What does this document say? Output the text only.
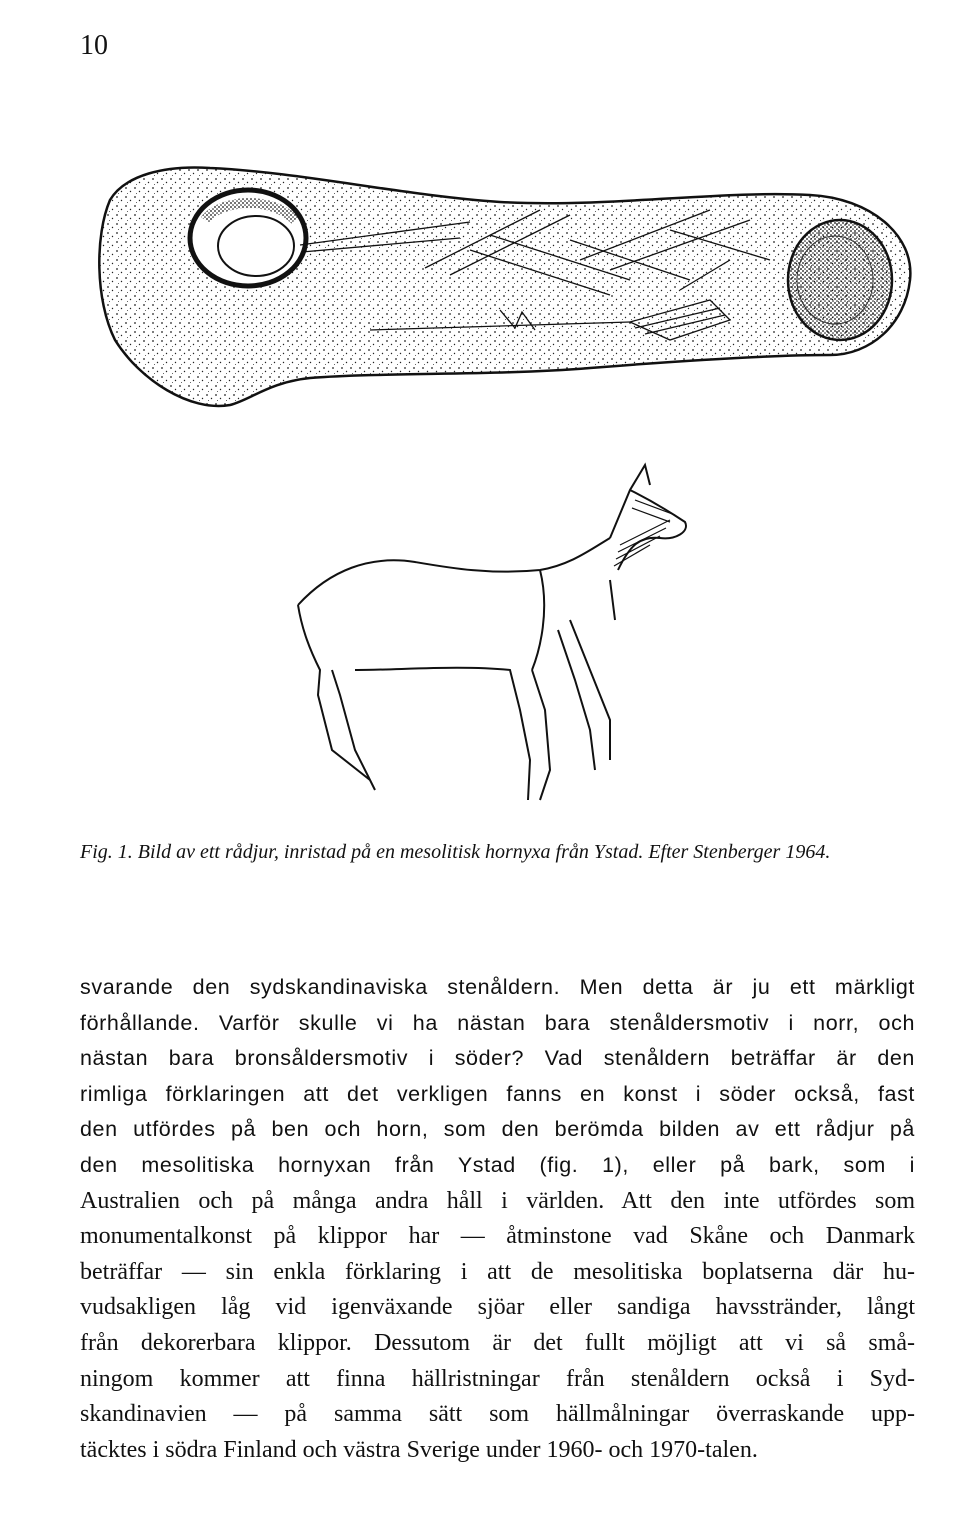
10
Fig. 1. Bild av ett rådjur, inristad på en mesolitisk hornyxa från Ystad. Efter Stenberger 1964.
svarande den sydskandinaviska stenåldern. Men detta är ju ett märkligt
förhållande. Varför skulle vi ha nästan bara stenåldersmotiv i norr, och
nästan bara bronsåldersmotiv i söder? Vad stenåldern beträffar är den
rimliga förklaringen att det verkligen fanns en konst i söder också, fast
den utfördes på ben och horn, som den berömda bilden av ett rådjur på
den mesolitiska hornyxan från Ystad (fig. 1), eller på bark, som i
Australien och på många andra håll i världen. Att den inte utfördes som
monumentalkonst på klippor har — åtminstone vad Skåne och Danmark
beträffar — sin enkla förklaring i att de mesolitiska boplatserna där hu-
vudsakligen låg vid igenväxande sjöar eller sandiga havsstränder, långt
från dekorerbara klippor. Dessutom är det fullt möjligt att vi så små-
ningom kommer att finna hällristningar från stenåldern också i Syd-
skandinavien — på samma sätt som hällmålningar överraskande upp-
täcktes i södra Finland och västra Sverige under 1960- och 1970-talen.
